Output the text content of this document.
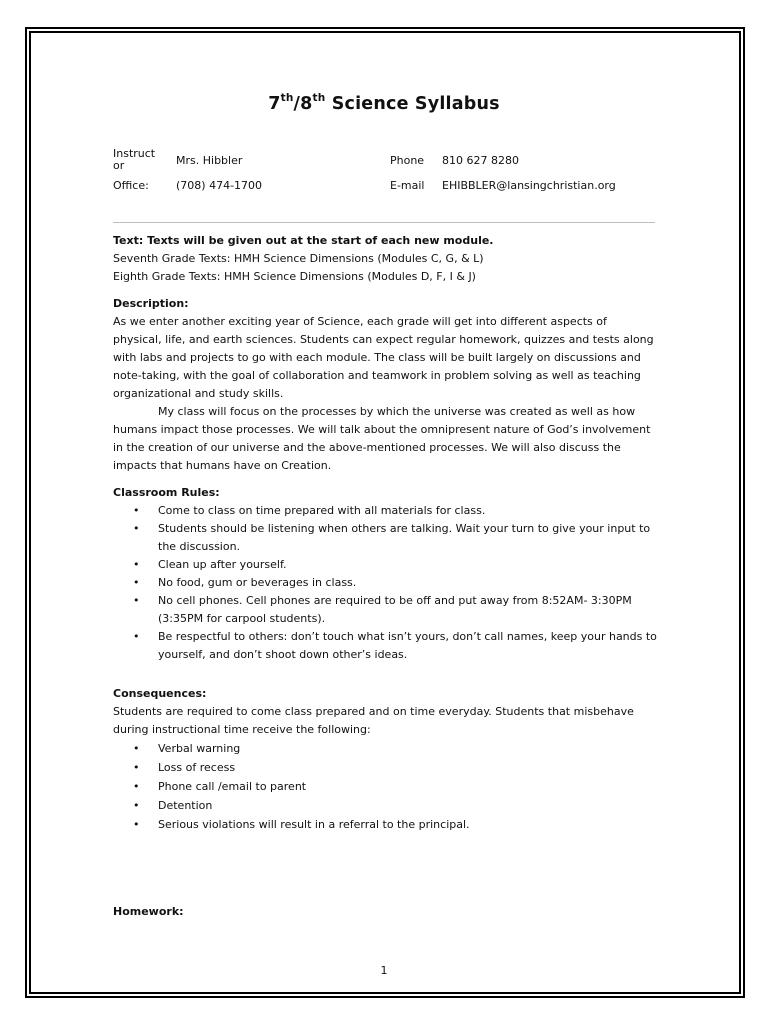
7th/8th Science Syllabus
Instruct or	Mrs. Hibbler	Phone 810 627 8280
Office: (708) 474-1700	E-mail EHIBBLER@lansingchristian.org
Text: Texts will be given out at the start of each new module.
Seventh Grade Texts: HMH Science Dimensions (Modules C, G, & L)
Eighth Grade Texts: HMH Science Dimensions (Modules D, F, I & J)
Description:

As we enter another exciting year of Science, each grade will get into different aspects of physical, life, and earth sciences. Students can expect regular homework, quizzes and tests along with labs and projects to go with each module. The class will be built largely on discussions and note-taking, with the goal of collaboration and teamwork in problem solving as well as teaching organizational and study skills.

My class will focus on the processes by which the universe was created as well as how humans impact those processes. We will talk about the omnipresent nature of God’s involvement in the creation of our universe and the above-mentioned processes. We will also discuss the impacts that humans have on Creation.

Classroom Rules:
• Come to class on time prepared with all materials for class.
• Students should be listening when others are talking. Wait your turn to give your input to the discussion.
• Clean up after yourself.
• No food, gum or beverages in class.
• No cell phones. Cell phones are required to be off and put away from 8:52AM- 3:30PM (3:35PM for carpool students).
• Be respectful to others: don’t touch what isn’t yours, don’t call names, keep your hands to yourself, and don’t shoot down other’s ideas.
Consequences:

Students are required to come class prepared and on time everyday. Students that misbehave during instructional time receive the following:

• Verbal warning
• Loss of recess
• Phone call /email to parent
• Detention
• Serious violations will result in a referral to the principal.
Homework:
1
